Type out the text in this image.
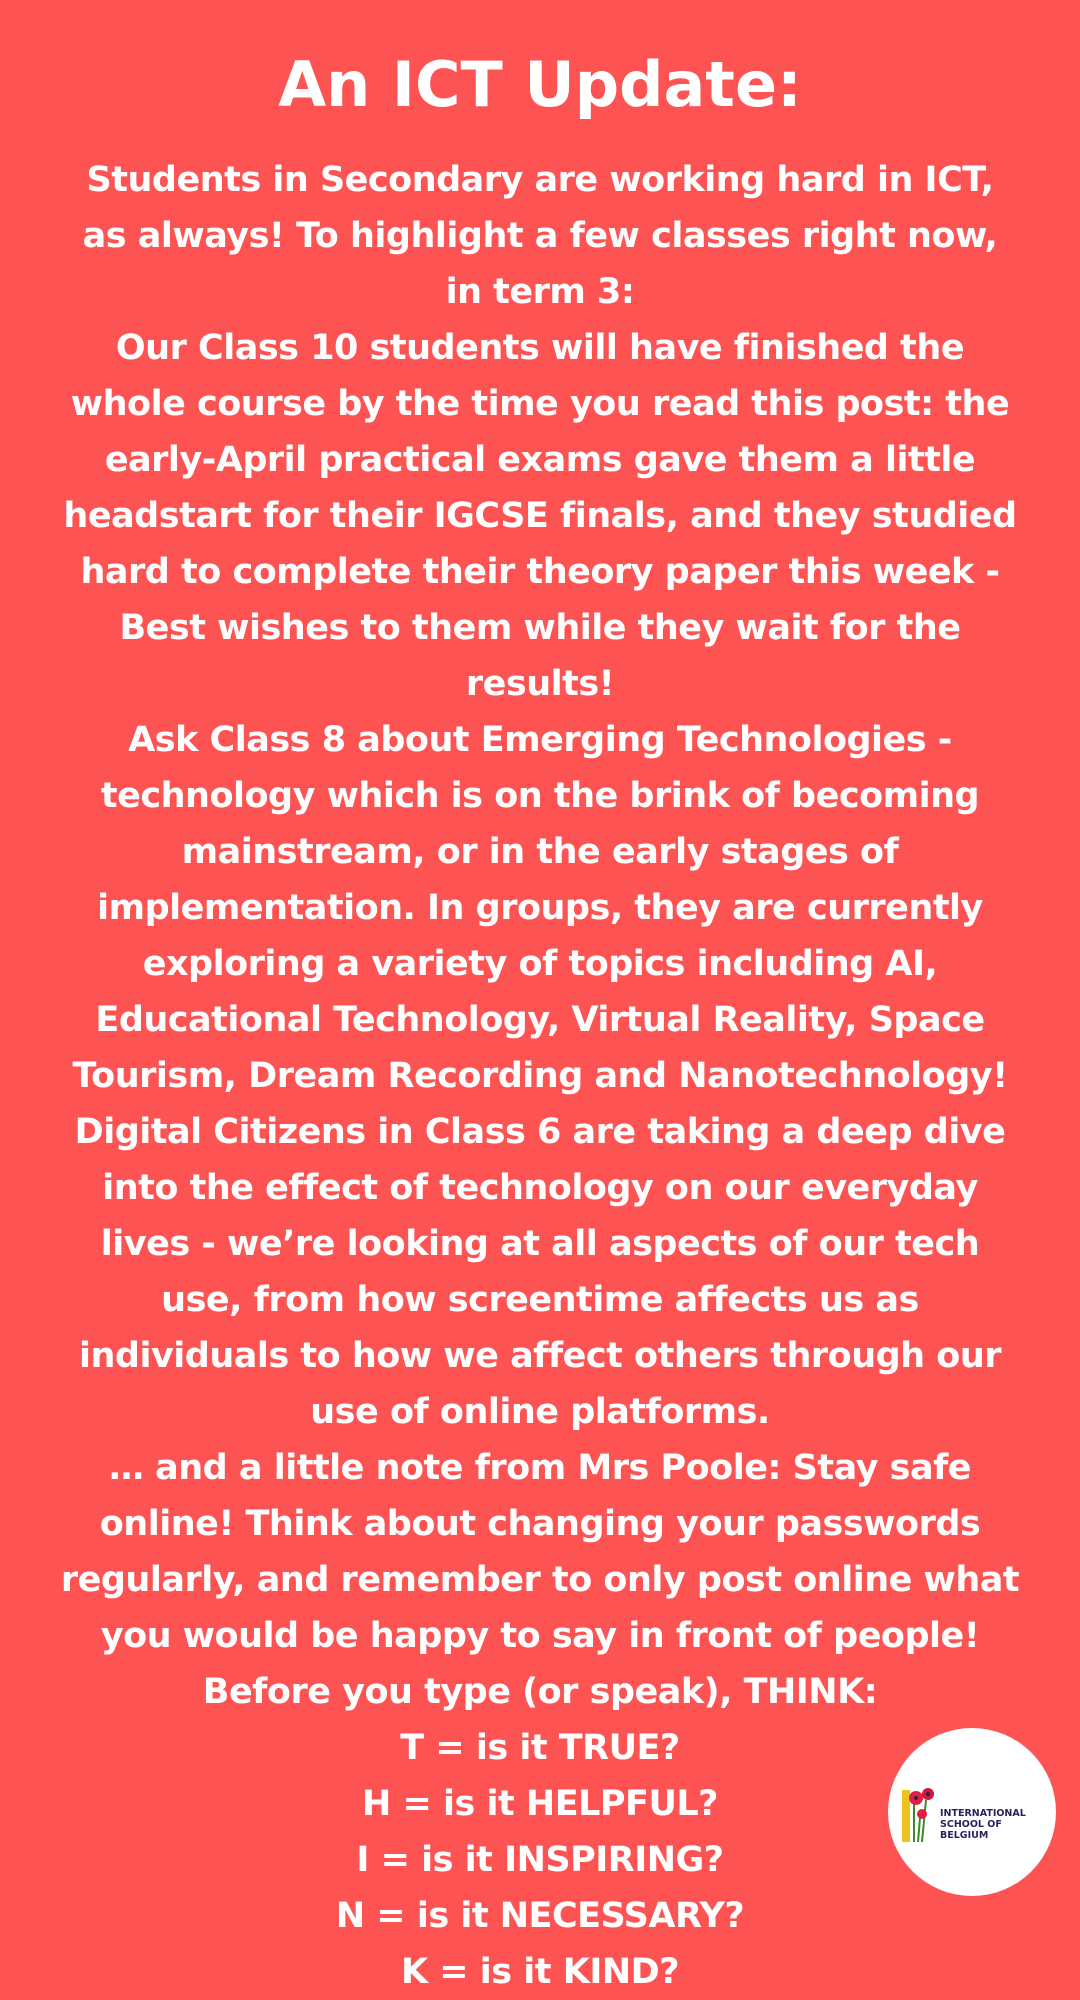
An ICT Update:

Students in Secondary are working hard in ICT, as always! To highlight a few classes right now, in term 3:

Our Class 10 students will have finished the whole course by the time you read this post: the early-April practical exams gave them a little headstart for their IGCSE finals, and they studied hard to complete their theory paper this week - Best wishes to them while they wait for the results!

Ask Class 8 about Emerging Technologies - technology which is on the brink of becoming mainstream, or in the early stages of implementation. In groups, they are currently exploring a variety of topics including AI, Educational Technology, Virtual Reality, Space Tourism, Dream Recording and Nanotechnology!

Digital Citizens in Class 6 are taking a deep dive into the effect of technology on our everyday lives - we’re looking at all aspects of our tech use, from how screentime affects us as individuals to how we affect others through our use of online platforms.

… and a little note from Mrs Poole: Stay safe online! Think about changing your passwords regularly, and remember to only post online what you would be happy to say in front of people!

Before you type (or speak), THINK:

T = is it TRUE?

H = is it HELPFUL?

I = is it INSPIRING?

N = is it NECESSARY?

K = is it KIND?

INTERNATIONAL
SCHOOL OF
BELGIUM
